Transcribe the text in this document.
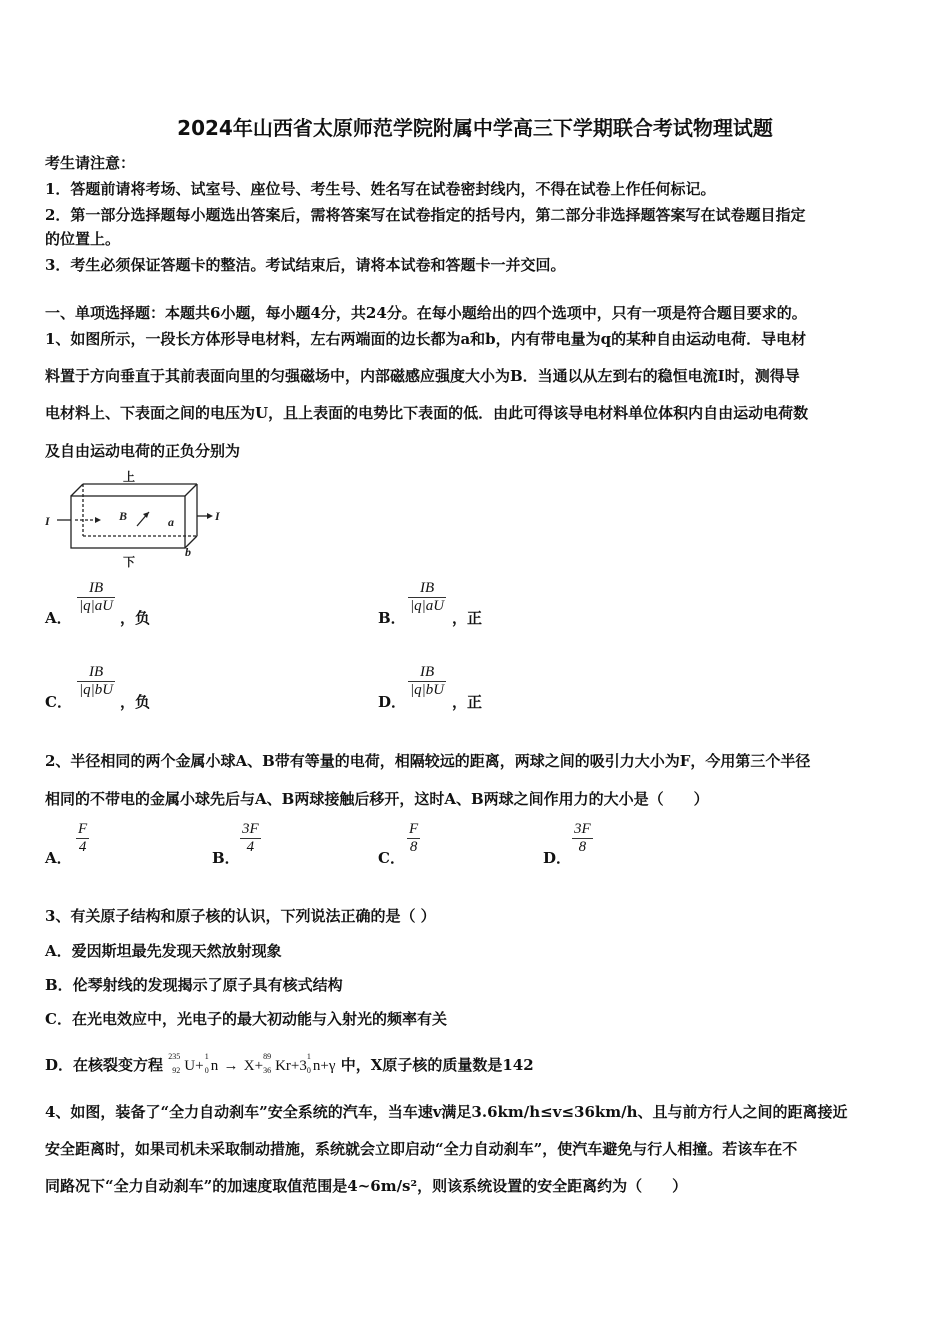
2024年山西省太原师范学院附属中学高三下学期联合考试物理试题
考生请注意：
1．答题前请将考场、试室号、座位号、考生号、姓名写在试卷密封线内，不得在试卷上作任何标记。
2．第一部分选择题每小题选出答案后，需将答案写在试卷指定的括号内，第二部分非选择题答案写在试卷题目指定
的位置上。
3．考生必须保证答题卡的整洁。考试结束后，请将本试卷和答题卡一并交回。
一、单项选择题：本题共6小题，每小题4分，共24分。在每小题给出的四个选项中，只有一项是符合题目要求的。
1、如图所示，一段长方体形导电材料，左右两端面的边长都为a和b，内有带电量为q的某种自由运动电荷．导电材
料置于方向垂直于其前表面向里的匀强磁场中，内部磁感应强度大小为B．当通以从左到右的稳恒电流I时，测得导
电材料上、下表面之间的电压为U，且上表面的电势比下表面的低．由此可得该导电材料单位体积内自由运动电荷数
及自由运动电荷的正负分别为
I	I
B	a
b
上
下
A．
$\frac{IB}{|q|aU}$
，负	B．
$\frac{IB}{|q|aU}$
，正
C．
$\frac{IB}{|q|bU}$
，负	D．
$\frac{IB}{|q|bU}$
，正
2、半径相同的两个金属小球A、B带有等量的电荷，相隔较远的距离，两球之间的吸引力大小为F，今用第三个半径
相同的不带电的金属小球先后与A、B两球接触后移开，这时A、B两球之间作用力的大小是（　　）
A．
$\frac{F}{4}$
B．
$\frac{3F}{4}$
C．
$\frac{F}{8}$
D．
$\frac{3F}{8}$
3、有关原子结构和原子核的认识，下列说法正确的是（ ）
A．爱因斯坦最先发现天然放射现象
B．伦琴射线的发现揭示了原子具有核式结构
C．在光电效应中，光电子的最大初动能与入射光的频率有关
D．在核裂变方程 235
92 U+
1
0 n → X+
89
36 Kr+3
1
0 n+γ 中，X原子核的质量数是142
4、如图，装备了“全力自动刹车”安全系统的汽车，当车速v满足3.6km/h≤v≤36km/h、且与前方行人之间的距离接近
安全距离时，如果司机未采取制动措施，系统就会立即启动“全力自动刹车”，使汽车避免与行人相撞。若该车在不
同路况下“全力自动刹车”的加速度取值范围是4~6m/s²，则该系统设置的安全距离约为（　　）
